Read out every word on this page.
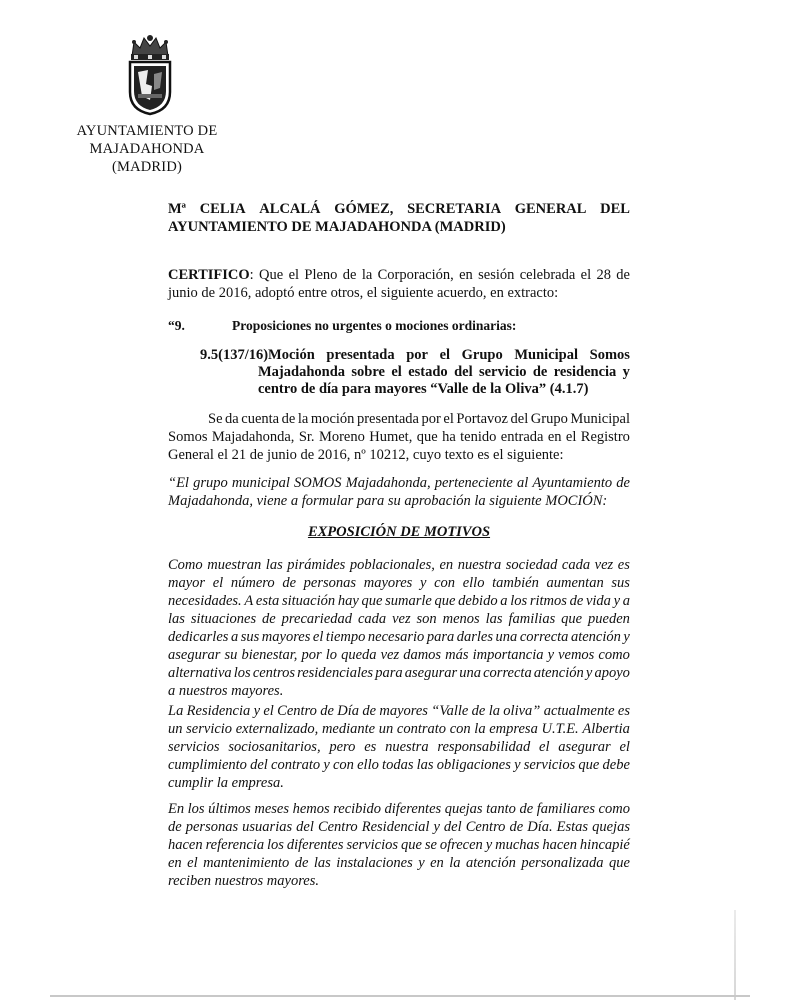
AYUNTAMIENTO DE
MAJADAHONDA
(MADRID)
Mª CELIA ALCALÁ GÓMEZ, SECRETARIA GENERAL DEL
AYUNTAMIENTO DE MAJADAHONDA (MADRID)
CERTIFICO: Que el Pleno de la Corporación, en sesión celebrada el 28 de junio de 2016, adoptó entre otros, el siguiente acuerdo, en extracto:
“9.	Proposiciones no urgentes o mociones ordinarias:
9.5(137/16)Moción presentada por el Grupo Municipal Somos
Majadahonda sobre el estado del servicio de residencia y
centro de día para mayores “Valle de la Oliva” (4.1.7)
Se da cuenta de la moción presentada por el Portavoz del Grupo Municipal
Somos Majadahonda, Sr. Moreno Humet, que ha tenido entrada en el Registro
General el 21 de junio de 2016, nº 10212, cuyo texto es el siguiente:
“El grupo municipal SOMOS Majadahonda, perteneciente al Ayuntamiento de
Majadahonda, viene a formular para su aprobación la siguiente MOCIÓN:
EXPOSICIÓN DE MOTIVOS
Como muestran las pirámides poblacionales, en nuestra sociedad cada vez es
mayor el número de personas mayores y con ello también aumentan sus
necesidades. A esta situación hay que sumarle que debido a los ritmos de vida y a
las situaciones de precariedad cada vez son menos las familias que pueden
dedicarles a sus mayores el tiempo necesario para darles una correcta atención y
asegurar su bienestar, por lo queda vez damos más importancia y vemos como
alternativa los centros residenciales para asegurar una correcta atención y apoyo
a nuestros mayores.
La Residencia y el Centro de Día de mayores “Valle de la oliva” actualmente es
un servicio externalizado, mediante un contrato con la empresa U.T.E. Albertia
servicios sociosanitarios, pero es nuestra responsabilidad el asegurar el
cumplimiento del contrato y con ello todas las obligaciones y servicios que debe
cumplir la empresa.
En los últimos meses hemos recibido diferentes quejas tanto de familiares como
de personas usuarias del Centro Residencial y del Centro de Día. Estas quejas
hacen referencia los diferentes servicios que se ofrecen y muchas hacen hincapié
en el mantenimiento de las instalaciones y en la atención personalizada que
reciben nuestros mayores.
